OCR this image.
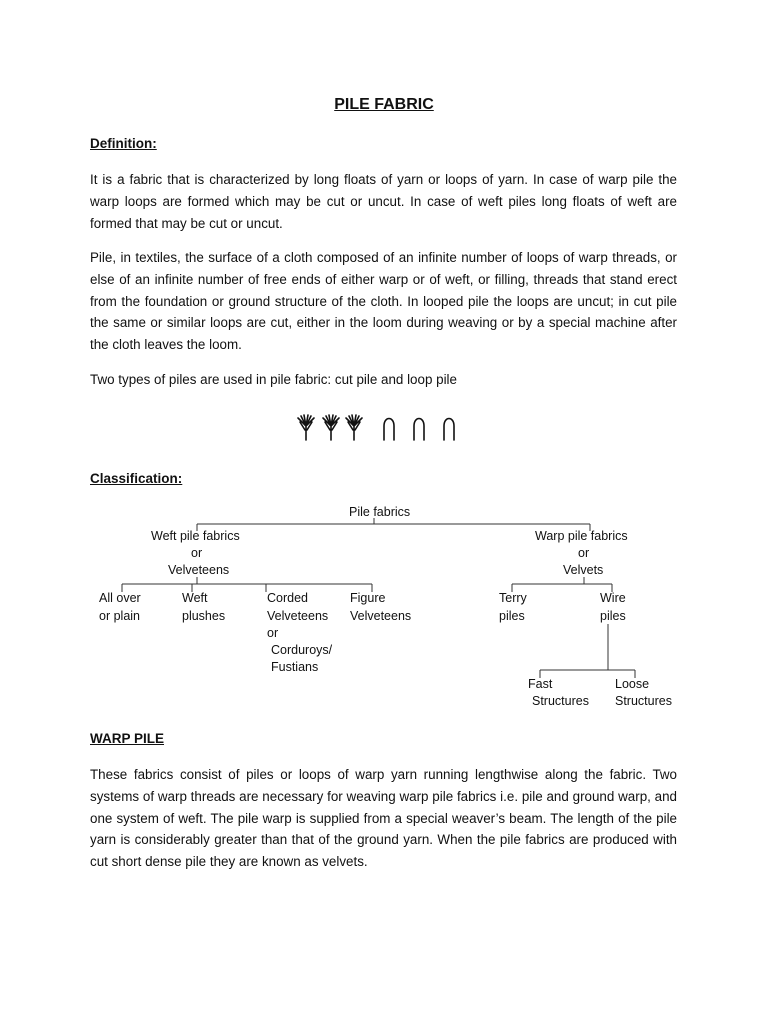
PILE FABRIC
Definition:

It is a fabric that is characterized by long floats of yarn or loops of yarn. In case of warp pile the warp loops are formed which may be cut or uncut. In case of weft piles long floats of weft are formed that may be cut or uncut.

Pile, in textiles, the surface of a cloth composed of an infinite number of loops of warp threads, or else of an infinite number of free ends of either warp or of weft, or filling, threads that stand erect from the foundation or ground structure of the cloth. In looped pile the loops are uncut; in cut pile the same or similar loops are cut, either in the loom during weaving or by a special machine after the cloth leaves the loom.

Two types of piles are used in pile fabric: cut pile and loop pile

Classification:
Pile fabrics
Weft pile fabrics
or
Velveteens
Warp pile fabrics
or
Velvets
All over
or plain
Weft
plushes
Corded
Velveteens
or
Corduroys/
Fustians
Figure
Velveteens
Terry
piles
Wire
piles
Fast
Structures
Loose
Structures
WARP PILE

These fabrics consist of piles or loops of warp yarn running lengthwise along the fabric. Two systems of warp threads are necessary for weaving warp pile fabrics i.e. pile and ground warp, and one system of weft. The pile warp is supplied from a special weaver’s beam. The length of the pile yarn is considerably greater than that of the ground yarn. When the pile fabrics are produced with cut short dense pile they are known as velvets.
